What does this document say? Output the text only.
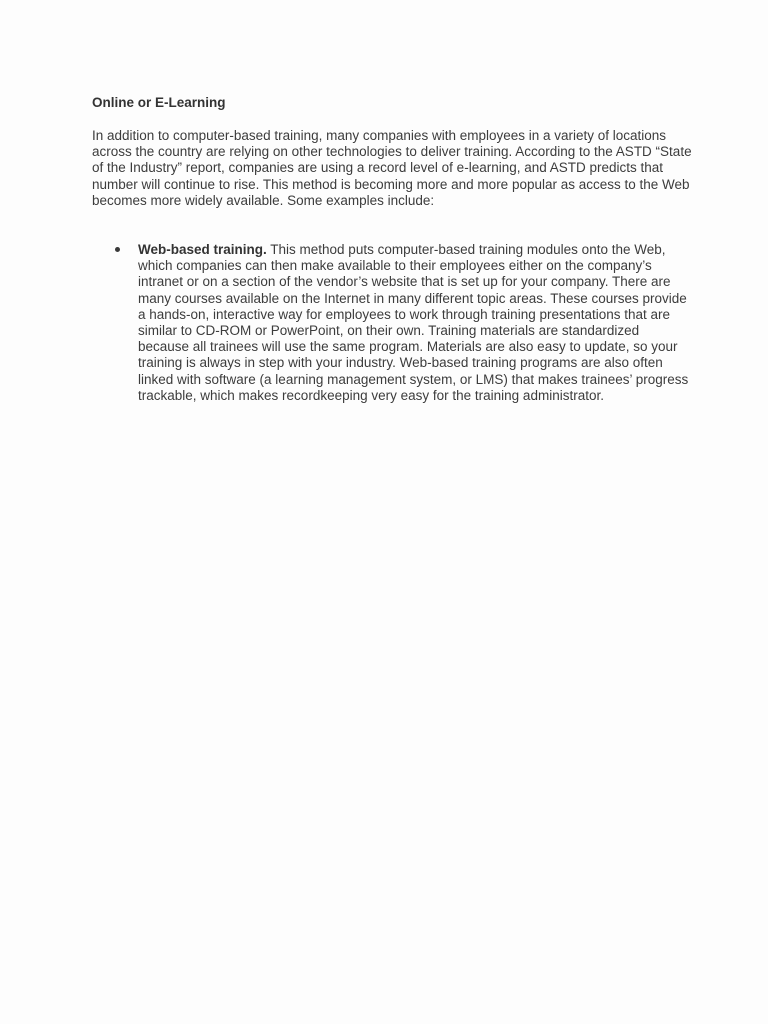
Online or E-Learning

In addition to computer-based training, many companies with employees in a variety of locations across the country are relying on other technologies to deliver training. According to the ASTD “State of the Industry” report, companies are using a record level of e-learning, and ASTD predicts that number will continue to rise. This method is becoming more and more popular as access to the Web becomes more widely available. Some examples include:

Web-based training. This method puts computer-based training modules onto the Web, which companies can then make available to their employees either on the company’s intranet or on a section of the vendor’s website that is set up for your company. There are many courses available on the Internet in many different topic areas. These courses provide a hands-on, interactive way for employees to work through training presentations that are similar to CD-ROM or PowerPoint, on their own. Training materials are standardized because all trainees will use the same program. Materials are also easy to update, so your training is always in step with your industry. Web-based training programs are also often linked with software (a learning management system, or LMS) that makes trainees’ progress trackable, which makes recordkeeping very easy for the training administrator.
